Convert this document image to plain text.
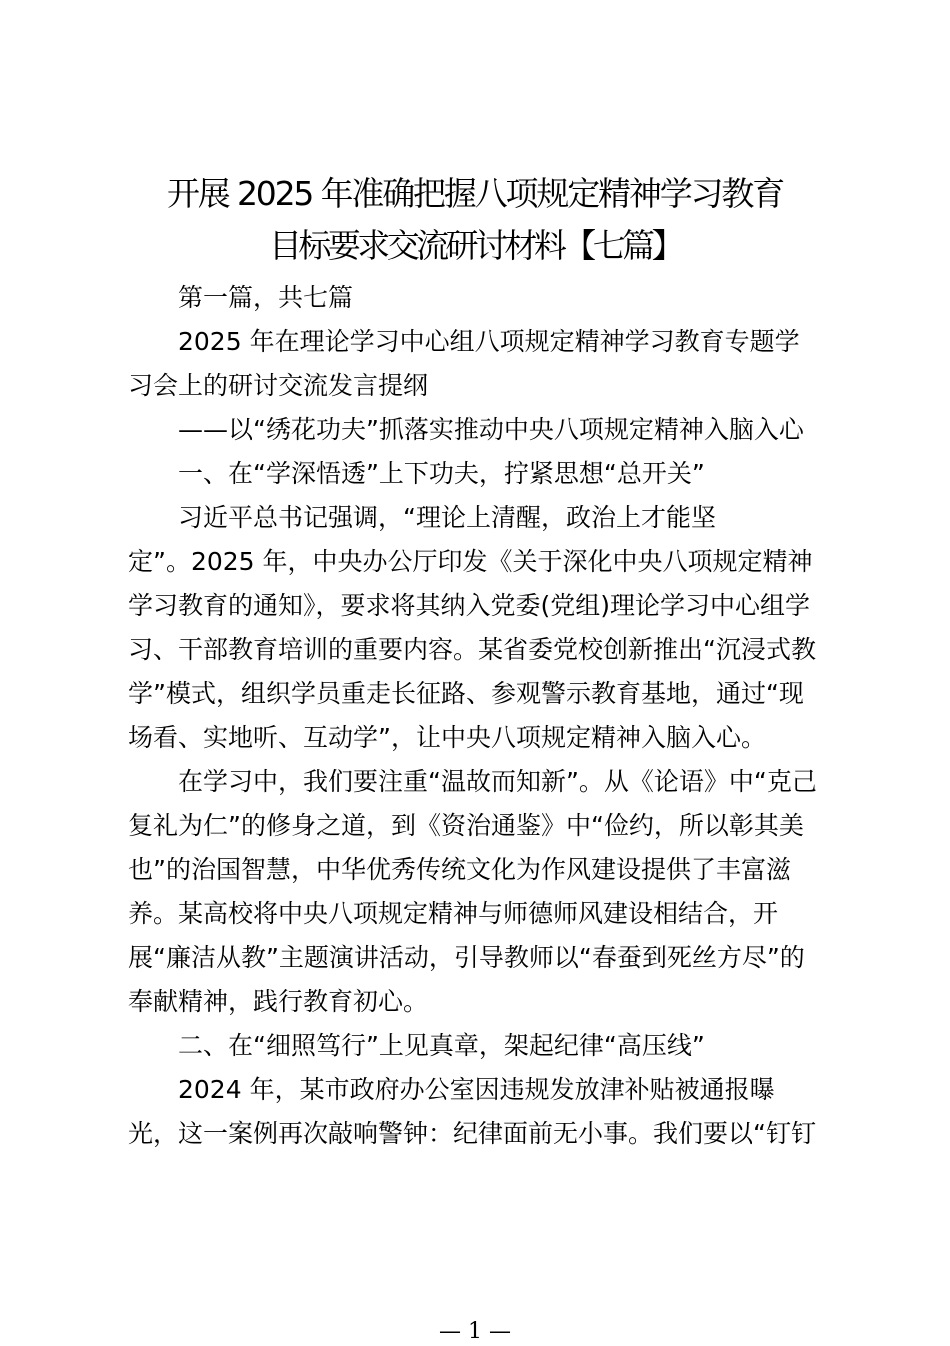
开展 2025 年准确把握八项规定精神学习教育
目标要求交流研讨材料【七篇】
第一篇，共七篇
2025 年在理论学习中心组八项规定精神学习教育专题学
习会上的研讨交流发言提纲
——以“绣花功夫”抓落实推动中央八项规定精神入脑入心
一、在“学深悟透”上下功夫，拧紧思想“总开关”
习近平总书记强调，“理论上清醒，政治上才能坚
定”。2025 年，中央办公厅印发《关于深化中央八项规定精神
学习教育的通知》，要求将其纳入党委(党组)理论学习中心组学
习、干部教育培训的重要内容。某省委党校创新推出“沉浸式教
学”模式，组织学员重走长征路、参观警示教育基地，通过“现
场看、实地听、互动学”，让中央八项规定精神入脑入心。
在学习中，我们要注重“温故而知新”。从《论语》中“克己
复礼为仁”的修身之道，到《资治通鉴》中“俭约，所以彰其美
也”的治国智慧，中华优秀传统文化为作风建设提供了丰富滋
养。某高校将中央八项规定精神与师德师风建设相结合，开
展“廉洁从教”主题演讲活动，引导教师以“春蚕到死丝方尽”的
奉献精神，践行教育初心。
二、在“细照笃行”上见真章，架起纪律“高压线”
2024 年，某市政府办公室因违规发放津补贴被通报曝
光，这一案例再次敲响警钟：纪律面前无小事。我们要以“钉钉
— 1 —
